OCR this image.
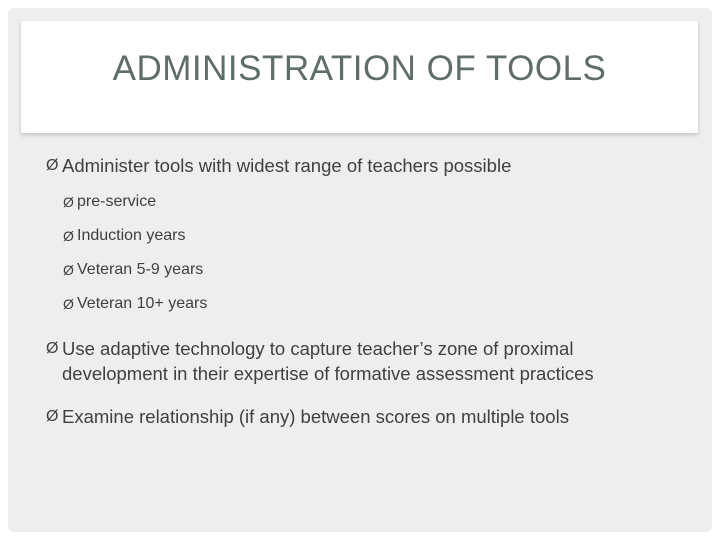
ADMINISTRATION OF TOOLS
Ø Administer tools with widest range of teachers possible
Ø pre-service
Ø Induction years
Ø Veteran 5-9 years
Ø Veteran 10+ years
Ø Use adaptive technology to capture teacher’s zone of proximal
development in their expertise of formative assessment practices
Ø Examine relationship (if any) between scores on multiple tools
